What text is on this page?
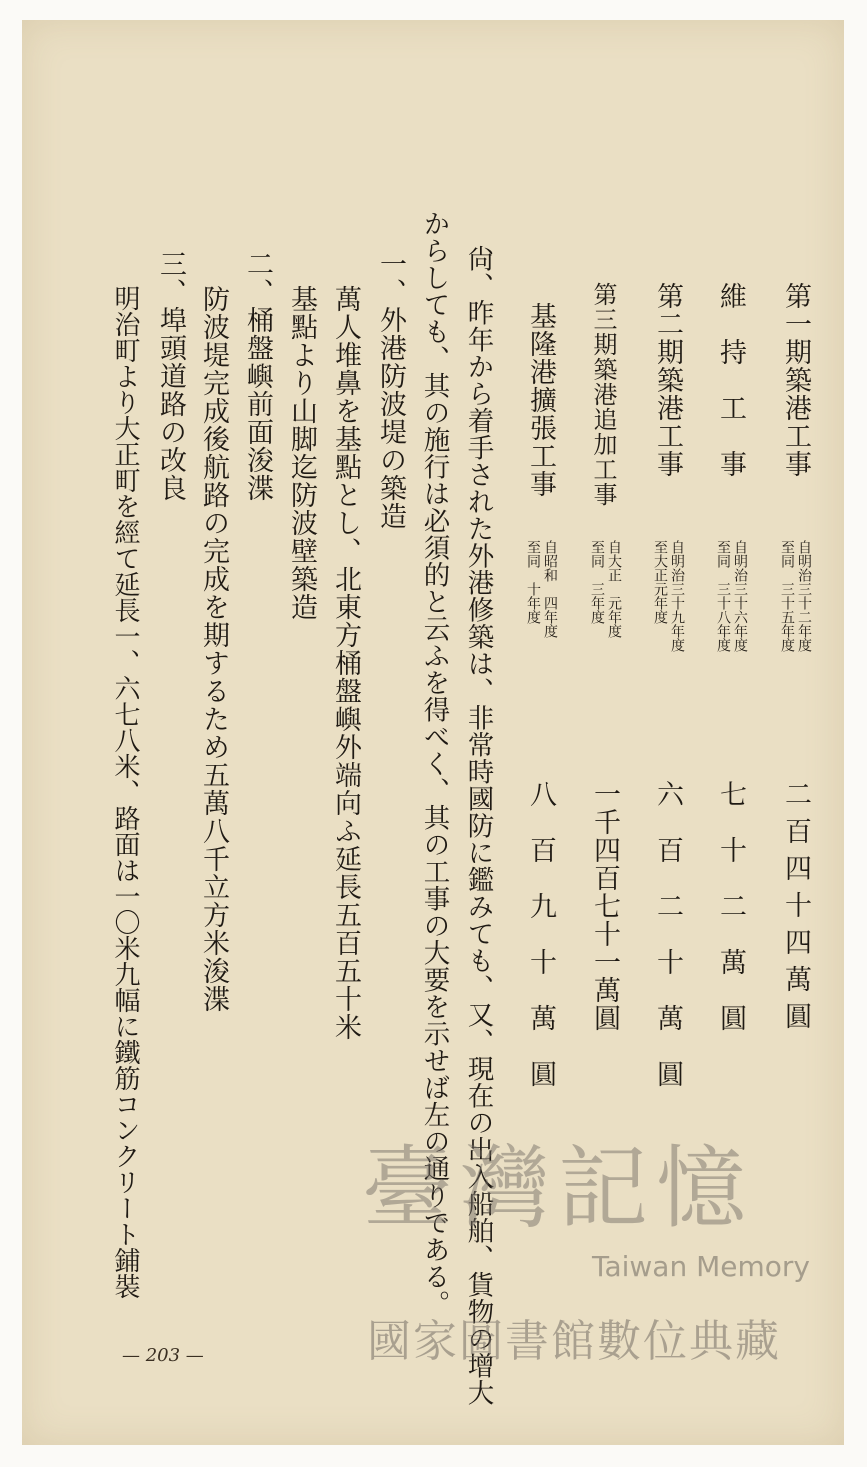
第一期築港工事
自明治三十二年度
至同　三十五年度
二百四十四萬圓
維　持　工　事
自明治三十六年度
至同　三十八年度
七　十　二　萬　圓
第二期築港工事
自明治三十九年度
至大正元年度
六　百　二　十　萬　圓
第三期築港追加工事
自大正　元年度
至同　三年度
一千四百七十一萬圓
基隆港擴張工事
自昭和　四年度
至同　十年度
八　百　九　十　萬　圓
尙、昨年から着手された外港修築は、非常時國防に鑑みても、又、現在の出入船舶、貨物の增大
からしても、其の施行は必須的と云ふを得べく、其の工事の大要を示せば左の通りである。
一、外港防波堤の築造
萬人堆鼻を基點とし、北東方桶盤嶼外端向ふ延長五百五十米
基點より山脚迄防波壁築造
二、桶盤嶼前面浚渫
防波堤完成後航路の完成を期するため五萬八千立方米浚渫
三、埠頭道路の改良
明治町より大正町を經て延長一、六七八米、路面は一〇米九幅に鐵筋コンクリート鋪裝
— 203 —
臺灣記憶
Taiwan Memory
國家圖書館數位典藏
